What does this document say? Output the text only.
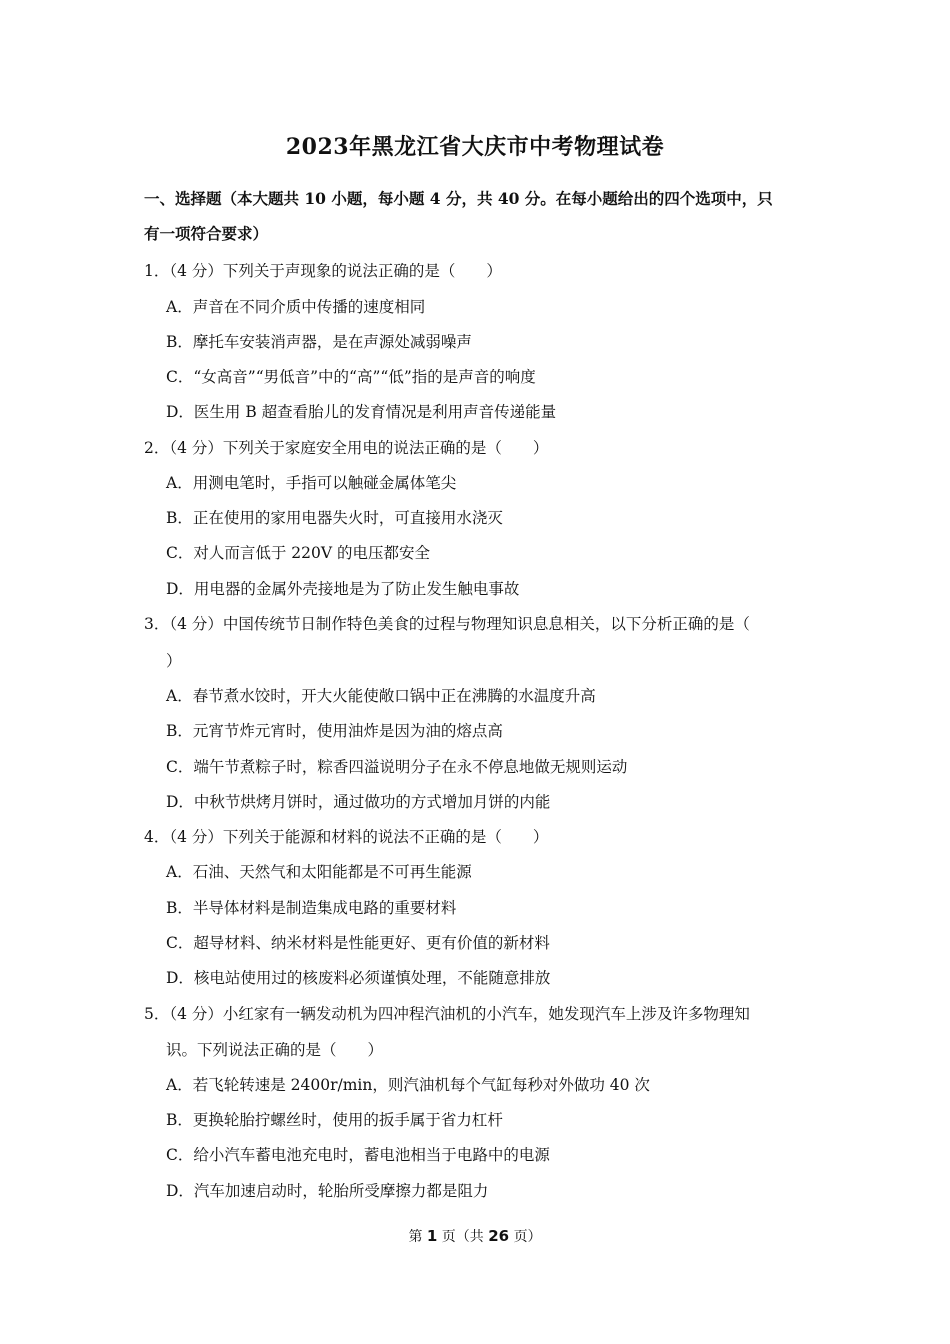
2023年黑龙江省大庆市中考物理试卷
一、选择题（本大题共 10 小题，每小题 4 分，共 40 分。在每小题给出的四个选项中，只
有一项符合要求）
1．（4 分）下列关于声现象的说法正确的是（　　）
A．声音在不同介质中传播的速度相同
B．摩托车安装消声器，是在声源处减弱噪声
C．“女高音”“男低音”中的“高”“低”指的是声音的响度
D．医生用 B 超查看胎儿的发育情况是利用声音传递能量
2．（4 分）下列关于家庭安全用电的说法正确的是（　　）
A．用测电笔时，手指可以触碰金属体笔尖
B．正在使用的家用电器失火时，可直接用水浇灭
C．对人而言低于 220V 的电压都安全
D．用电器的金属外壳接地是为了防止发生触电事故
3．（4 分）中国传统节日制作特色美食的过程与物理知识息息相关，以下分析正确的是（
）
A．春节煮水饺时，开大火能使敞口锅中正在沸腾的水温度升高
B．元宵节炸元宵时，使用油炸是因为油的熔点高
C．端午节煮粽子时，粽香四溢说明分子在永不停息地做无规则运动
D．中秋节烘烤月饼时，通过做功的方式增加月饼的内能
4．（4 分）下列关于能源和材料的说法不正确的是（　　）
A．石油、天然气和太阳能都是不可再生能源
B．半导体材料是制造集成电路的重要材料
C．超导材料、纳米材料是性能更好、更有价值的新材料
D．核电站使用过的核废料必须谨慎处理，不能随意排放
5．（4 分）小红家有一辆发动机为四冲程汽油机的小汽车，她发现汽车上涉及许多物理知
识。下列说法正确的是（　　）
A．若飞轮转速是 2400r/min，则汽油机每个气缸每秒对外做功 40 次
B．更换轮胎拧螺丝时，使用的扳手属于省力杠杆
C．给小汽车蓄电池充电时，蓄电池相当于电路中的电源
D．汽车加速启动时，轮胎所受摩擦力都是阻力
第 1 页（共 26 页）
